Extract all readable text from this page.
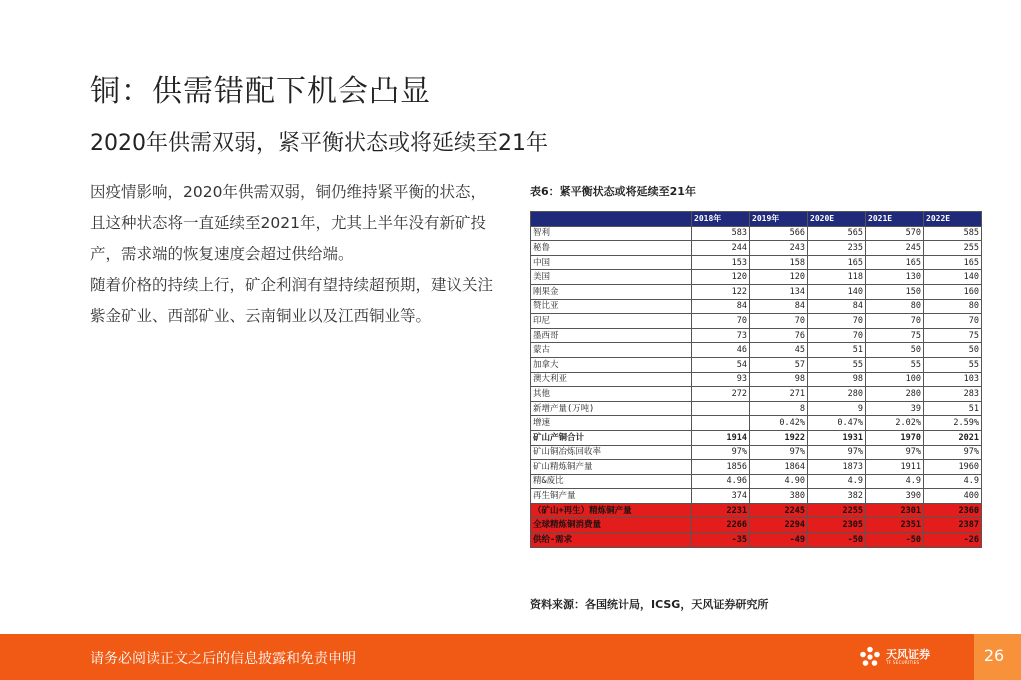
铜：供需错配下机会凸显
2020年供需双弱，紧平衡状态或将延续至21年

因疫情影响，2020年供需双弱，铜仍维持紧平衡的状态，且这种状态将一直延续至2021年，尤其上半年没有新矿投产，需求端的恢复速度会超过供给端。

随着价格的持续上行，矿企利润有望持续超预期，建议关注紫金矿业、西部矿业、云南铜业以及江西铜业等。

表6：紧平衡状态或将延续至21年
	2018年	2019年	2020E	2021E	2022E
智利	583	566	565	570	585
秘鲁	244	243	235	245	255
中国	153	158	165	165	165
美国	120	120	118	130	140
刚果金	122	134	140	150	160
赞比亚	84	84	84	80	80
印尼	70	70	70	70	70
墨西哥	73	76	70	75	75
蒙古	46	45	51	50	50
加拿大	54	57	55	55	55
澳大利亚	93	98	98	100	103
其他	272	271	280	280	283
新增产量(万吨)		8	9	39	51
增速		0.42%	0.47%	2.02%	2.59%
矿山产铜合计	1914	1922	1931	1970	2021
矿山铜冶炼回收率	97%	97%	97%	97%	97%
矿山精炼铜产量	1856	1864	1873	1911	1960
精&废比	4.96	4.90	4.9	4.9	4.9
再生铜产量	374	380	382	390	400
（矿山+再生）精炼铜产量	2231	2245	2255	2301	2360
全球精炼铜消费量	2266	2294	2305	2351	2387
供给-需求	-35	-49	-50	-50	-26
资料来源：各国统计局，ICSG，天风证券研究所
请务必阅读正文之后的信息披露和免责申明	天风证券
TF SECURITIES	26
